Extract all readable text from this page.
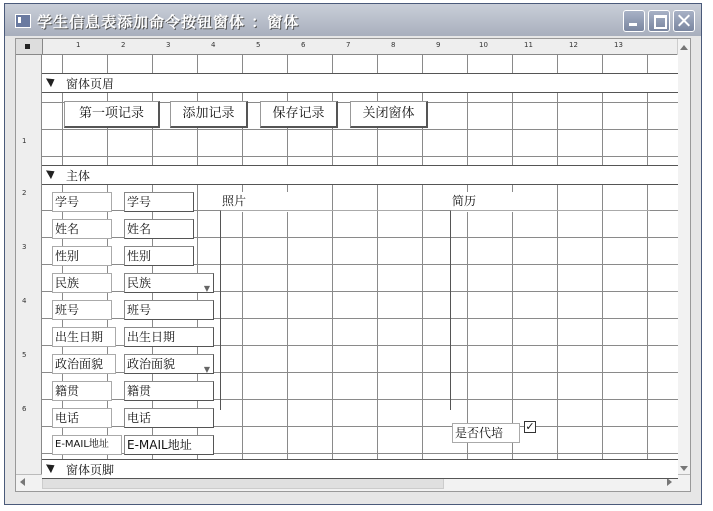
学生信息表添加命令按钮窗体 ：窗体
1	2	3	4	5	6	7	8	9	10	11	12	13
1
2
3
4
5
6
窗体页眉
第一项记录	添加记录	保存记录	关闭窗体
主体
学号	学号
姓名	姓名
性别	性别
民族	民族	▼
班号	班号
出生日期	出生日期
政治面貌	政治面貌	▼
籍贯	籍贯
电话	电话
E-MAIL地址	E-MAIL地址
照片	简历
是否代培	✓
窗体页脚
